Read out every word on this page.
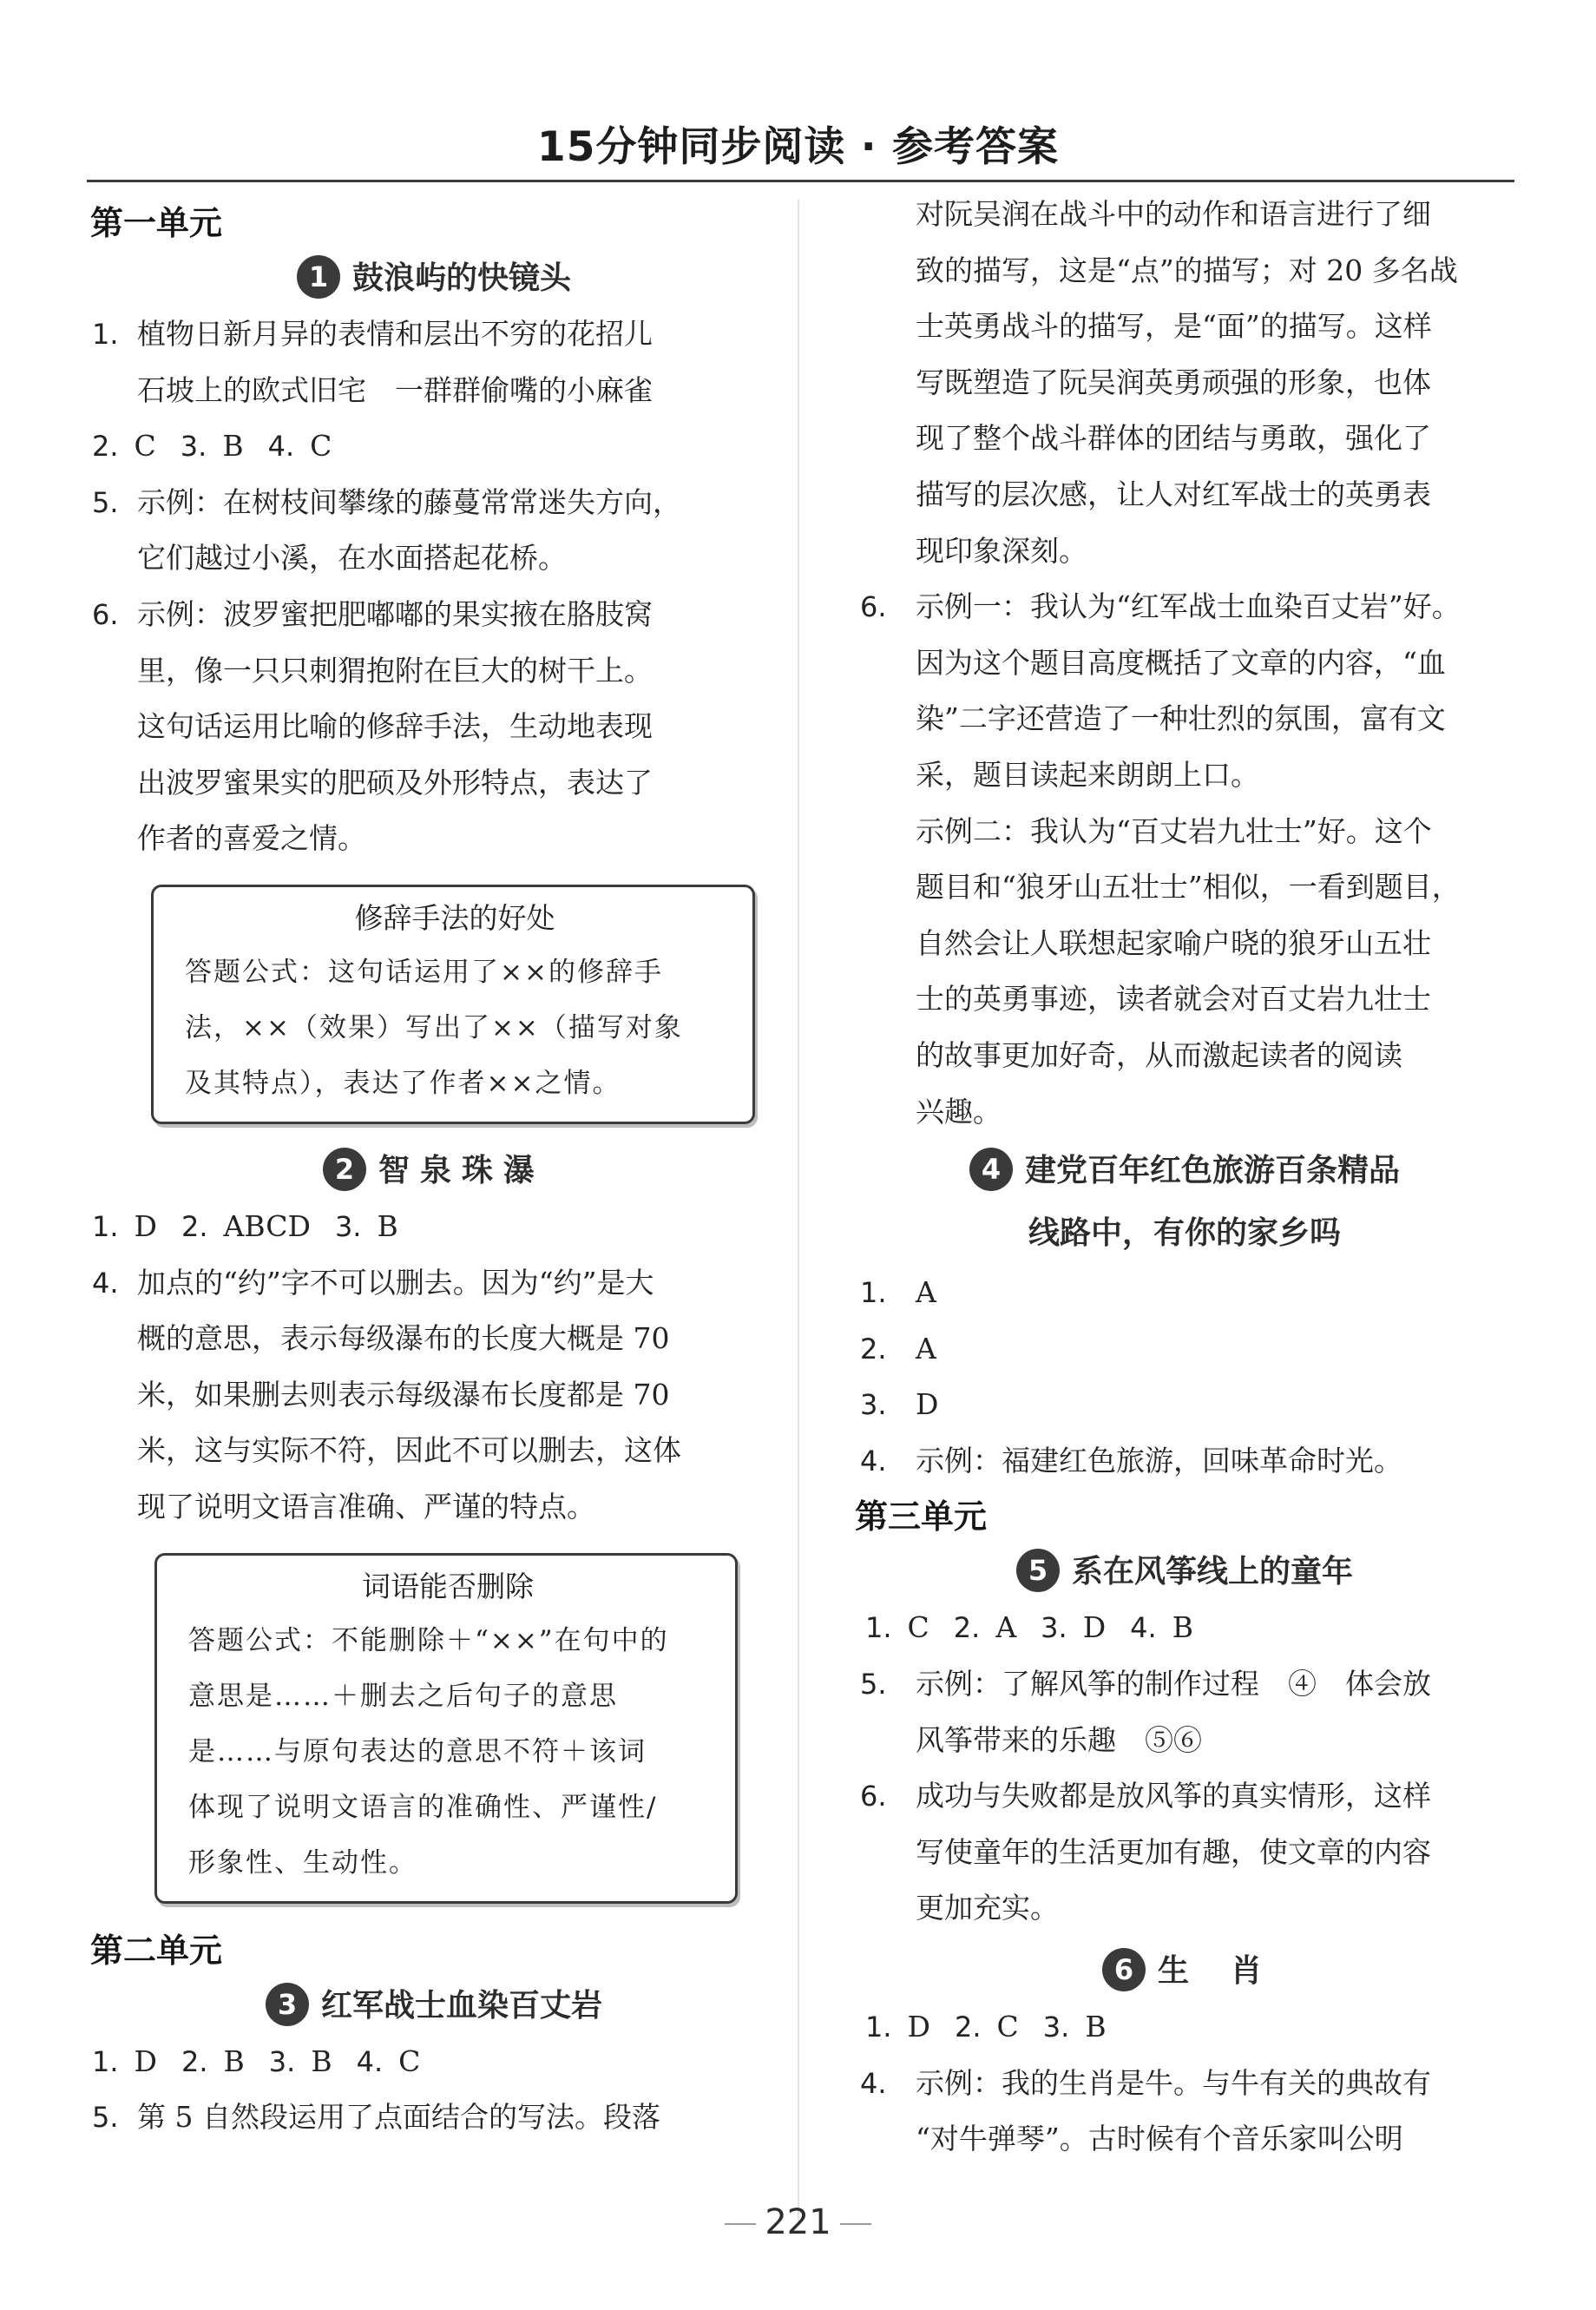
15分钟同步阅读 · 参考答案
第一单元
1 鼓浪屿的快镜头
1. 植物日新月异的表情和层出不穷的花招儿
石坡上的欧式旧宅　一群群偷嘴的小麻雀
2. C 3. B 4. C
5. 示例：在树枝间攀缘的藤蔓常常迷失方向，
它们越过小溪，在水面搭起花桥。
6. 示例：波罗蜜把肥嘟嘟的果实掖在胳肢窝
里，像一只只刺猬抱附在巨大的树干上。
这句话运用比喻的修辞手法，生动地表现
出波罗蜜果实的肥硕及外形特点，表达了
作者的喜爱之情。
修辞手法的好处
答题公式：这句话运用了××的修辞手
法，××（效果）写出了××（描写对象
及其特点），表达了作者××之情。
2 智泉珠瀑
1. D 2. ABCD 3. B
4. 加点的“约”字不可以删去。因为“约”是大
概的意思，表示每级瀑布的长度大概是 70
米，如果删去则表示每级瀑布长度都是 70
米，这与实际不符，因此不可以删去，这体
现了说明文语言准确、严谨的特点。
词语能否删除
答题公式：不能删除＋“××”在句中的
意思是……＋删去之后句子的意思
是……与原句表达的意思不符＋该词
体现了说明文语言的准确性、严谨性/
形象性、生动性。
第二单元
3 红军战士血染百丈岩
1. D 2. B 3. B 4. C
5. 第 5 自然段运用了点面结合的写法。段落
对阮吴润在战斗中的动作和语言进行了细
致的描写，这是“点”的描写；对 20 多名战
士英勇战斗的描写，是“面”的描写。这样
写既塑造了阮吴润英勇顽强的形象，也体
现了整个战斗群体的团结与勇敢，强化了
描写的层次感，让人对红军战士的英勇表
现印象深刻。
6. 示例一：我认为“红军战士血染百丈岩”好。
因为这个题目高度概括了文章的内容，“血
染”二字还营造了一种壮烈的氛围，富有文
采，题目读起来朗朗上口。
示例二：我认为“百丈岩九壮士”好。这个
题目和“狼牙山五壮士”相似，一看到题目，
自然会让人联想起家喻户晓的狼牙山五壮
士的英勇事迹，读者就会对百丈岩九壮士
的故事更加好奇，从而激起读者的阅读
兴趣。
4 建党百年红色旅游百条精品
线路中，有你的家乡吗
1. A
2. A
3. D
4. 示例：福建红色旅游，回味革命时光。
第三单元
5 系在风筝线上的童年
1. C 2. A 3. D 4. B
5. 示例：了解风筝的制作过程　④　体会放
风筝带来的乐趣　⑤⑥
6. 成功与失败都是放风筝的真实情形，这样
写使童年的生活更加有趣，使文章的内容
更加充实。
6 生　肖
1. D 2. C 3. B
4. 示例：我的生肖是牛。与牛有关的典故有
“对牛弹琴”。古时候有个音乐家叫公明
221
